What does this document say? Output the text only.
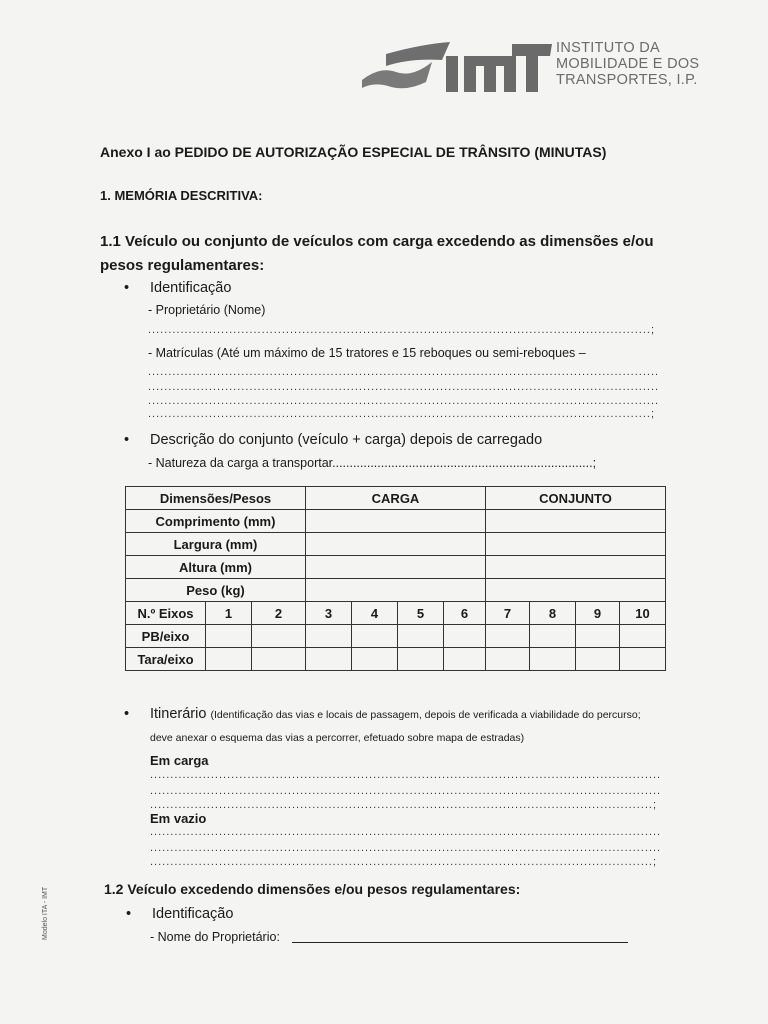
IMT
INSTITUTO DA
MOBILIDADE E DOS
TRANSPORTES, I.P.
Anexo I ao PEDIDO DE AUTORIZAÇÃO ESPECIAL DE TRÂNSITO (MINUTAS)
1. MEMÓRIA DESCRITIVA:
1.1 Veículo ou conjunto de veículos com carga excedendo as dimensões e/ou pesos regulamentares:
• Identificação
- Proprietário (Nome)
............................................................................................................................;
- Matrículas (Até um máximo de 15 tratores e 15 reboques ou semi-reboques –
..............................................................................................................................
..............................................................................................................................
..............................................................................................................................
............................................................................................................................;
• Descrição do conjunto (veículo + carga) depois de carregado
- Natureza da carga a transportar...........................................................................;
Dimensões/Pesos			CARGA				CONJUNTO			
Comprimento (mm)										
Largura (mm)										
Altura (mm)										
Peso (kg)										
N.º Eixos	1	2	3	4	5	6	7	8	9	10
PB/eixo										
Tara/eixo										
• Itinerário (Identificação das vias e locais de passagem, depois de verificada a viabilidade do percurso;
deve anexar o esquema das vias a percorrer, efetuado sobre mapa de estradas)
Em carga
..............................................................................................................................
..............................................................................................................................
............................................................................................................................;
Em vazio
..............................................................................................................................
..............................................................................................................................
............................................................................................................................;
1.2 Veículo excedendo dimensões e/ou pesos regulamentares:
• Identificação
- Nome do Proprietário:
Modelo ITA - IMT
